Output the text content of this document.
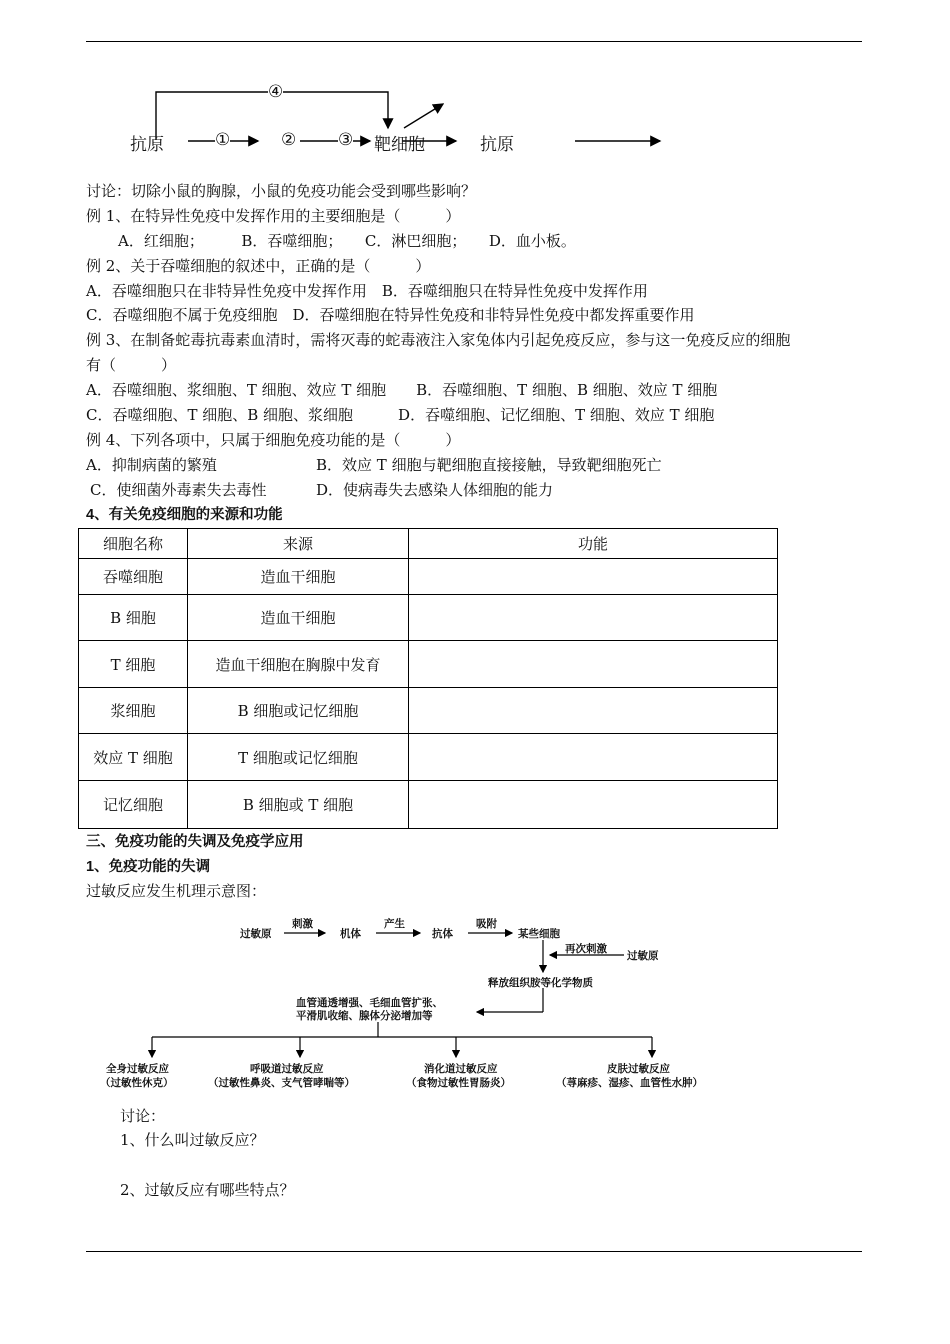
抗原	①	② ③
④
靶细胞	抗原
讨论：切除小鼠的胸腺，小鼠的免疫功能会受到哪些影响？
例 1、在特异性免疫中发挥作用的主要细胞是（　　　）
A．红细胞；　　　B．吞噬细胞；　　C．淋巴细胞；　　D．血小板。
例 2、关于吞噬细胞的叙述中，正确的是（　　　）
A．吞噬细胞只在非特异性免疫中发挥作用　B．吞噬细胞只在特异性免疫中发挥作用
C．吞噬细胞不属于免疫细胞　D．吞噬细胞在特异性免疫和非特异性免疫中都发挥重要作用
例 3、在制备蛇毒抗毒素血清时，需将灭毒的蛇毒液注入家兔体内引起免疫反应，参与这一免疫反应的细胞
有（　　　）
A．吞噬细胞、浆细胞、T 细胞、效应 T 细胞　　B．吞噬细胞、T 细胞、B 细胞、效应 T 细胞
C．吞噬细胞、T 细胞、B 细胞、浆细胞　　　D．吞噬细胞、记忆细胞、T 细胞、效应 T 细胞
例 4、下列各项中，只属于细胞免疫功能的是（　　　）
A．抑制病菌的繁殖	B．效应 T 细胞与靶细胞直接接触，导致靶细胞死亡
C．使细菌外毒素失去毒性	D．使病毒失去感染人体细胞的能力
4、有关免疫细胞的来源和功能
细胞名称	来源	功能
吞噬细胞	造血干细胞	
B 细胞	造血干细胞	
T 细胞	造血干细胞在胸腺中发育	
浆细胞	B 细胞或记忆细胞	
效应 T 细胞	T 细胞或记忆细胞	
记忆细胞	B 细胞或 T 细胞	
三、免疫功能的失调及免疫学应用
1、免疫功能的失调
过敏反应发生机理示意图：
过敏原
刺激
机体
产生
抗体
吸附
某些细胞
再次刺激
过敏原
释放组织胺等化学物质
血管通透增强、毛细血管扩张、
平滑肌收缩、腺体分泌增加等
全身过敏反应
（过敏性休克）
呼吸道过敏反应
（过敏性鼻炎、支气管哮喘等）
消化道过敏反应
（食物过敏性胃肠炎）
皮肤过敏反应
（荨麻疹、湿疹、血管性水肿）
讨论：
1、什么叫过敏反应？
2、过敏反应有哪些特点？
